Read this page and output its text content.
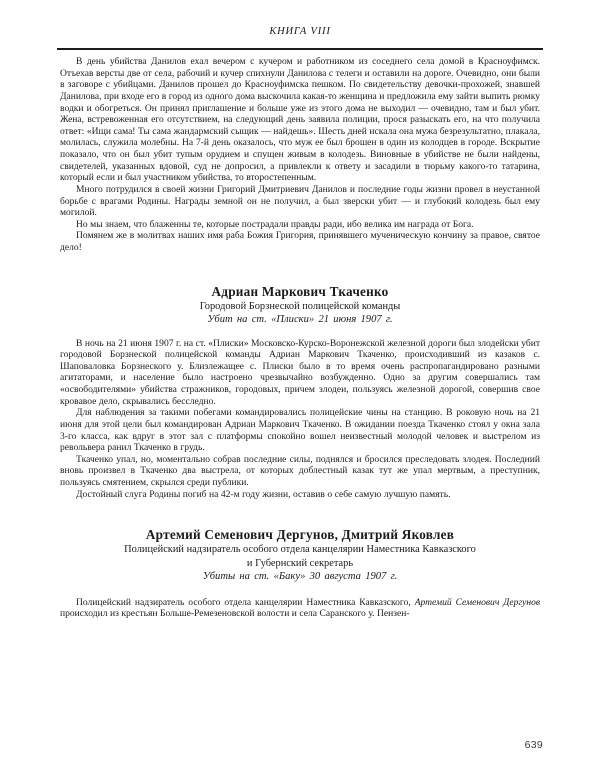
КНИГА VIII

В день убийства Данилов ехал вечером с кучером и работником из соседнего села домой в Красноуфимск. Отъехав версты две от села, рабочий и кучер спихнули Данилова с телеги и оставили на дороге. Очевидно, они были в заговоре с убийцами. Данилов прошел до Красноуфимска пешком. По свидетельству девочки-прохожей, знавшей Данилова, при входе его в город из одного дома выскочила какая-то женщина и предложила ему зайти выпить рюмку водки и обогреться. Он принял приглашение и больше уже из этого дома не выходил — очевидно, там и был убит. Жена, встревоженная его отсутствием, на следующий день заявила полиции, прося разыскать его, на что получила ответ: «Ищи сама! Ты сама жандармский сыщик — найдешь». Шесть дней искала она мужа безрезультатно, плакала, молилась, служила молебны. На 7-й день оказалось, что муж ее был брошен в один из колодцев в городе. Вскрытие показало, что он был убит тупым орудием и спущен живым в колодезь. Виновные в убийстве не были найдены, свидетелей, указанных вдовой, суд не допросил, а привлекли к ответу и засадили в тюрьму какого-то татарина, который если и был участником убийства, то второстепенным.

Много потрудился в своей жизни Григорий Дмитриевич Данилов и последние годы жизни провел в неустанной борьбе с врагами Родины. Награды земной он не получил, а был зверски убит — и глубокий колодезь был ему могилой.

Но мы знаем, что блаженны те, которые пострадали правды ради, ибо велика им награда от Бога.

Помянем же в молитвах наших имя раба Божия Григория, принявшего мученическую кончину за правое, святое дело!

Адриан Маркович Ткаченко

Городовой Борзнеской полицейской команды

Убит на ст. «Плиски» 21 июня 1907 г.

В ночь на 21 июня 1907 г. на ст. «Плиски» Московско-Курско-Воронежской железной дороги был злодейски убит городовой Борзнеской полицейской команды Адриан Маркович Ткаченко, происходивший из казаков с. Шаповаловка Борзнеского у. Близлежащее с. Плиски было в то время очень распропагандировано разными агитаторами, и население было настроено чрезвычайно возбужденно. Одно за другим совершались там «освободителями» убийства стражников, городовых, причем злодеи, пользуясь железной дорогой, совершив свое кровавое дело, скрывались бесследно.

Для наблюдения за такими побегами командировались полицейские чины на станцию. В роковую ночь на 21 июня для этой цели был командирован Адриан Маркович Ткаченко. В ожидании поезда Ткаченко стоял у окна зала 3-го класса, как вдруг в этот зал с платформы спокойно вошел неизвестный молодой человек и выстрелом из револьвера ранил Ткаченко в грудь.

Ткаченко упал, но, моментально собрав последние силы, поднялся и бросился преследовать злодея. Последний вновь произвел в Ткаченко два выстрела, от которых доблестный казак тут же упал мертвым, а преступник, пользуясь смятением, скрылся среди публики.

Достойный слуга Родины погиб на 42-м году жизни, оставив о себе самую лучшую память.

Артемий Семенович Дергунов, Дмитрий Яковлев

Полицейский надзиратель особого отдела канцелярии Наместника Кавказского

и Губернский секретарь

Убиты на ст. «Баку» 30 августа 1907 г.

Полицейский надзиратель особого отдела канцелярии Наместника Кавказского, Артемий Семенович Дергунов происходил из крестьян Больше-Ремезеновской волости и села Саранского у. Пензен-

639
